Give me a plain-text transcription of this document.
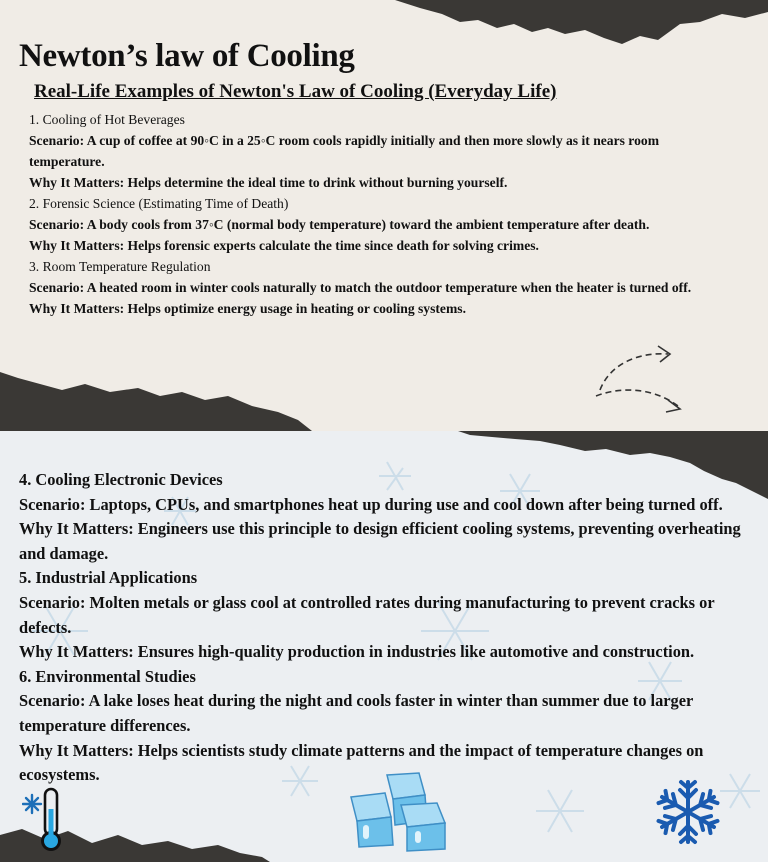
Newton’s law of Cooling
Real-Life Examples of Newton's Law of Cooling (Everyday Life)

1. Cooling of Hot Beverages

Scenario: A cup of coffee at 90◦C in a 25◦C room cools rapidly initially and then more slowly as it nears room temperature.

Why It Matters: Helps determine the ideal time to drink without burning yourself.

2. Forensic Science (Estimating Time of Death)

Scenario: A body cools from 37◦C (normal body temperature) toward the ambient temperature after death.

Why It Matters: Helps forensic experts calculate the time since death for solving crimes.

3. Room Temperature Regulation

Scenario: A heated room in winter cools naturally to match the outdoor temperature when the heater is turned off.

Why It Matters: Helps optimize energy usage in heating or cooling systems.

4. Cooling Electronic Devices

Scenario: Laptops, CPUs, and smartphones heat up during use and cool down after being turned off.

Why It Matters: Engineers use this principle to design efficient cooling systems, preventing overheating and damage.

5. Industrial Applications

Scenario: Molten metals or glass cool at controlled rates during manufacturing to prevent cracks or defects.

Why It Matters: Ensures high-quality production in industries like automotive and construction.

6. Environmental Studies

Scenario: A lake loses heat during the night and cools faster in winter than summer due to larger temperature differences.

Why It Matters: Helps scientists study climate patterns and the impact of temperature changes on ecosystems.
